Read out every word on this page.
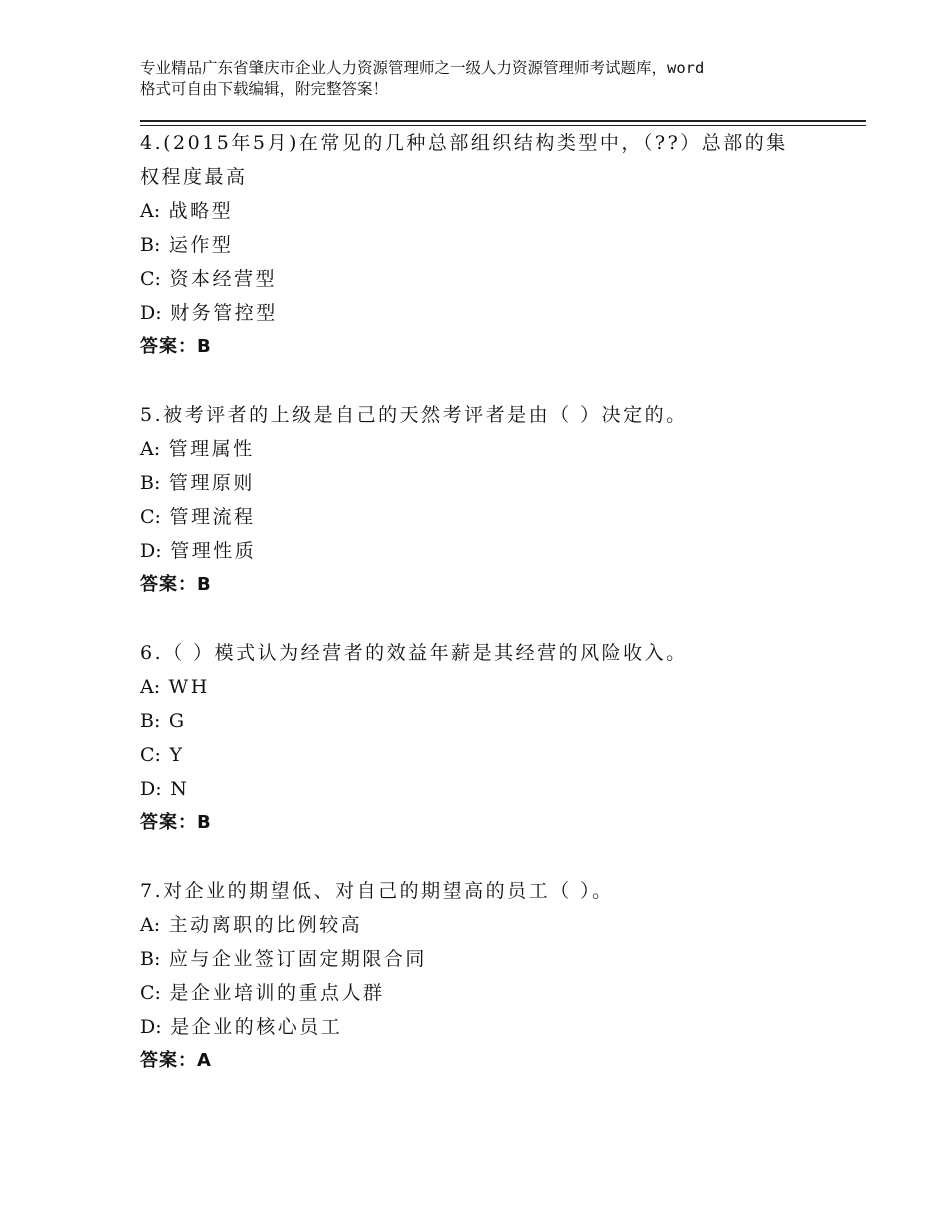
专业精品广东省肇庆市企业人力资源管理师之一级人力资源管理师考试题库，word
格式可自由下载编辑，附完整答案！
4.(2015年5月)在常见的几种总部组织结构类型中，（??）总部的集权程度最高
A: 战略型
B: 运作型
C: 资本经营型
D: 财务管控型
答案：B
5.被考评者的上级是自己的天然考评者是由（ ）决定的。
A: 管理属性
B: 管理原则
C: 管理流程
D: 管理性质
答案：B
6.（ ）模式认为经营者的效益年薪是其经营的风险收入。
A: WH
B: G
C: Y
D: N
答案：B
7.对企业的期望低、对自己的期望高的员工（ ）。
A: 主动离职的比例较高
B: 应与企业签订固定期限合同
C: 是企业培训的重点人群
D: 是企业的核心员工
答案：A
